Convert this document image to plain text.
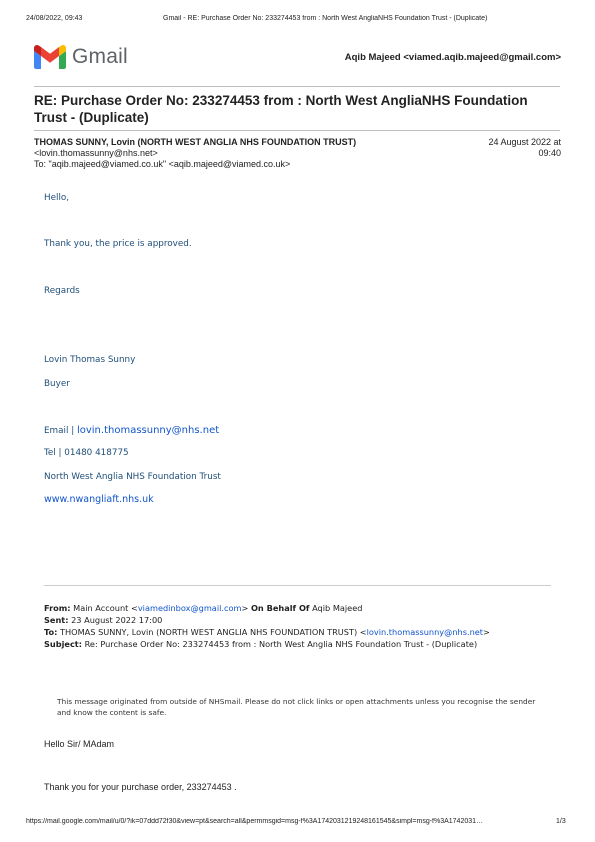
24/08/2022, 09:43	Gmail - RE: Purchase Order No: 233274453 from : North West AngliaNHS Foundation Trust - (Duplicate)
Gmail	Aqib Majeed <viamed.aqib.majeed@gmail.com>
RE: Purchase Order No: 233274453 from : North West AngliaNHS Foundation Trust - (Duplicate)
THOMAS SUNNY, Lovin (NORTH WEST ANGLIA NHS FOUNDATION TRUST)
<lovin.thomassunny@nhs.net>
To: "aqib.majeed@viamed.co.uk" <aqib.majeed@viamed.co.uk>
24 August 2022 at
09:40
Hello,
Thank you, the price is approved.
Regards
Lovin Thomas Sunny
Buyer
Email | lovin.thomassunny@nhs.net
Tel | 01480 418775
North West Anglia NHS Foundation Trust
www.nwangliaft.nhs.uk
From: Main Account <viamedinbox@gmail.com> On Behalf Of Aqib Majeed
Sent: 23 August 2022 17:00
To: THOMAS SUNNY, Lovin (NORTH WEST ANGLIA NHS FOUNDATION TRUST) <lovin.thomassunny@nhs.net>
Subject: Re: Purchase Order No: 233274453 from : North West Anglia NHS Foundation Trust - (Duplicate)
This message originated from outside of NHSmail. Please do not click links or open attachments unless you recognise the sender and know the content is safe.
Hello Sir/ MAdam
Thank you for your purchase order, 233274453 .
https://mail.google.com/mail/u/0/?ik=07ddd72f30&view=pt&search=all&permmsgid=msg-f%3A1742031219248161545&simpl=msg-f%3A1742031…	1/3
